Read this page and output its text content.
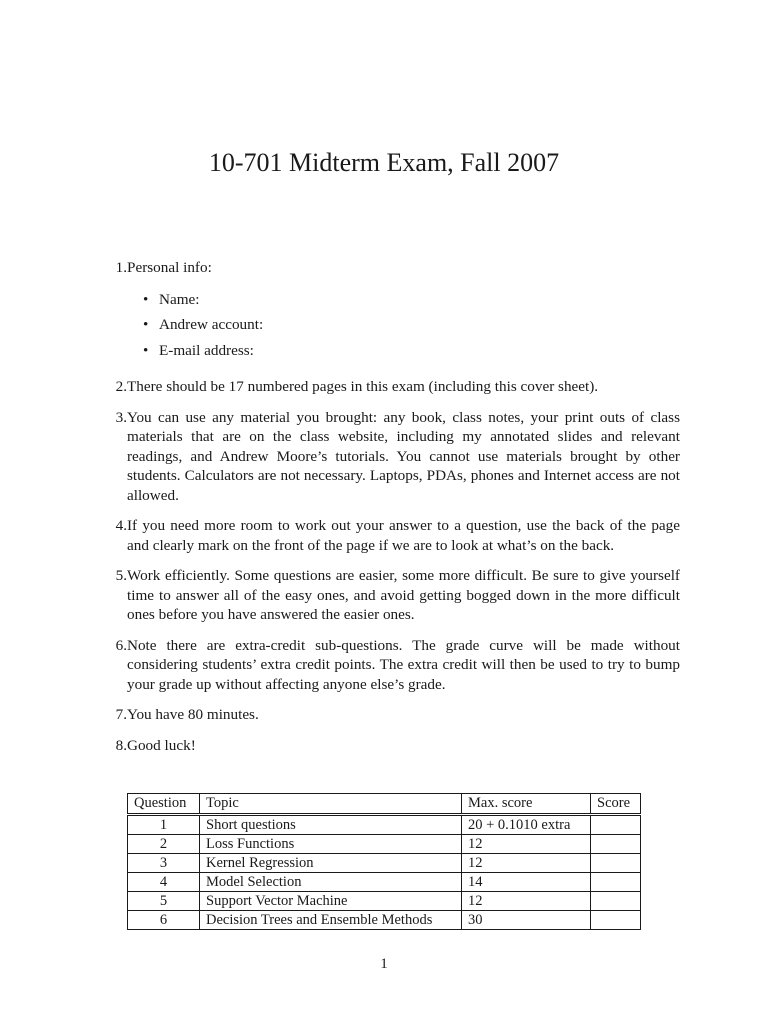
10-701 Midterm Exam, Fall 2007
1. Personal info:
• Name:
• Andrew account:
• E-mail address:
2. There should be 17 numbered pages in this exam (including this cover sheet).
3. You can use any material you brought: any book, class notes, your print outs of class materials that are on the class website, including my annotated slides and relevant readings, and Andrew Moore’s tutorials. You cannot use materials brought by other students. Calculators are not necessary. Laptops, PDAs, phones and Internet access are not allowed.
4. If you need more room to work out your answer to a question, use the back of the page and clearly mark on the front of the page if we are to look at what’s on the back.
5. Work efficiently. Some questions are easier, some more difficult. Be sure to give yourself time to answer all of the easy ones, and avoid getting bogged down in the more difficult ones before you have answered the easier ones.
6. Note there are extra-credit sub-questions. The grade curve will be made without considering students’ extra credit points. The extra credit will then be used to try to bump your grade up without affecting anyone else’s grade.
7. You have 80 minutes.
8. Good luck!
Question	Topic	Max. score	Score
1	Short questions	20 + 0.1010 extra	
2	Loss Functions	12	
3	Kernel Regression	12	
4	Model Selection	14	
5	Support Vector Machine	12	
6	Decision Trees and Ensemble Methods	30	
1
